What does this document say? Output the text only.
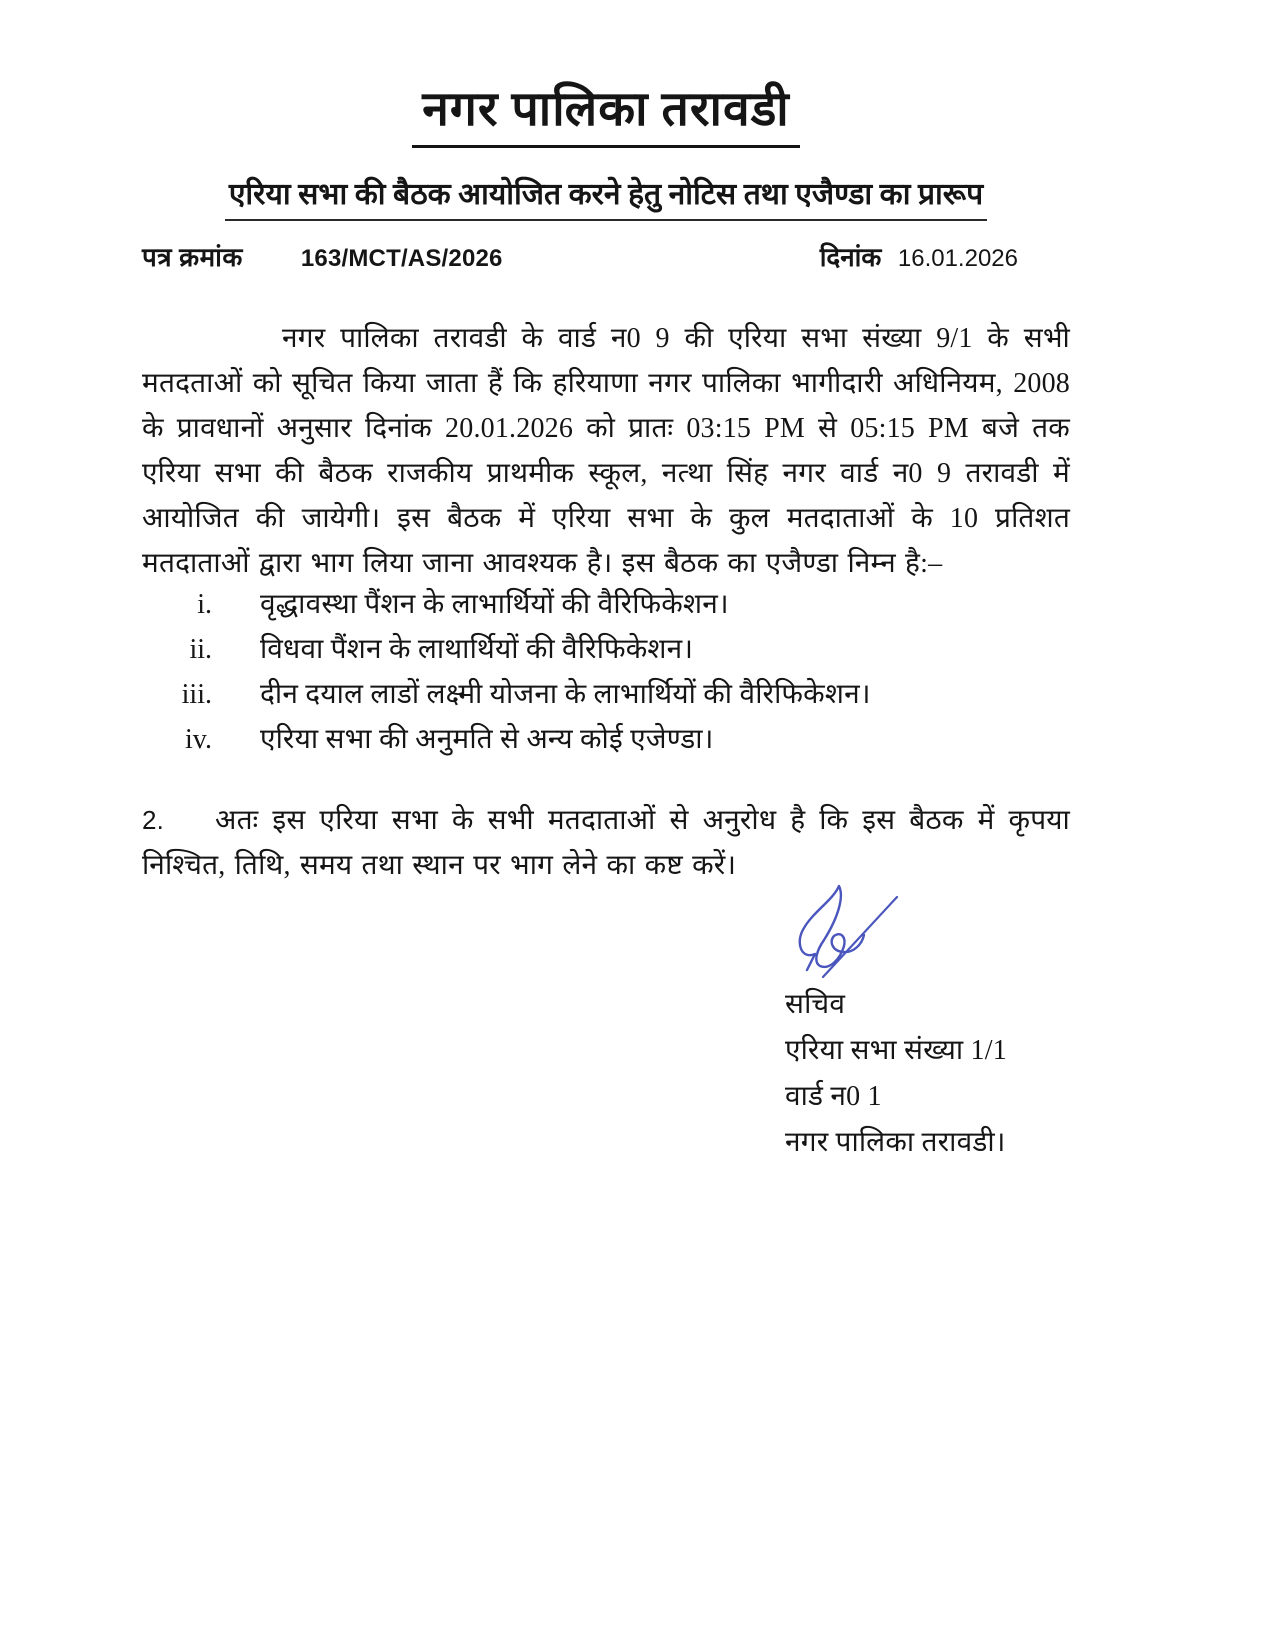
नगर पालिका तरावडी
एरिया सभा की बैठक आयोजित करने हेतु नोटिस तथा एजैण्डा का प्रारूप
पत्र क्रमांक 163/MCT/AS/2026	दिनांक 16.01.2026
नगर पालिका तरावडी के वार्ड न0 9 की एरिया सभा संख्या 9/1 के सभी मतदताओं को सूचित किया जाता हैं कि हरियाणा नगर पालिका भागीदारी अधिनियम, 2008 के प्रावधानों अनुसार दिनांक 20.01.2026 को प्रातः 03:15 PM से 05:15 PM बजे तक एरिया सभा की बैठक राजकीय प्राथमीक स्कूल, नत्था सिंह नगर वार्ड न0 9 तरावडी में आयोजित की जायेगी। इस बैठक में एरिया सभा के कुल मतदाताओं के 10 प्रतिशत मतदाताओं द्वारा भाग लिया जाना आवश्यक है। इस बैठक का एजैण्डा निम्न है:–
i. वृद्धावस्था पैंशन के लाभार्थियों की वैरिफिकेशन।
ii. विधवा पैंशन के लाथार्थियों की वैरिफिकेशन।
iii. दीन दयाल लाडों लक्ष्मी योजना के लाभार्थियों की वैरिफिकेशन।
iv. एरिया सभा की अनुमति से अन्य कोई एजेण्डा।
2. अतः इस एरिया सभा के सभी मतदाताओं से अनुरोध है कि इस बैठक में कृपया निश्चित, तिथि, समय तथा स्थान पर भाग लेने का कष्ट करें।
सचिव
एरिया सभा संख्या 1/1
वार्ड न0 1
नगर पालिका तरावडी।
